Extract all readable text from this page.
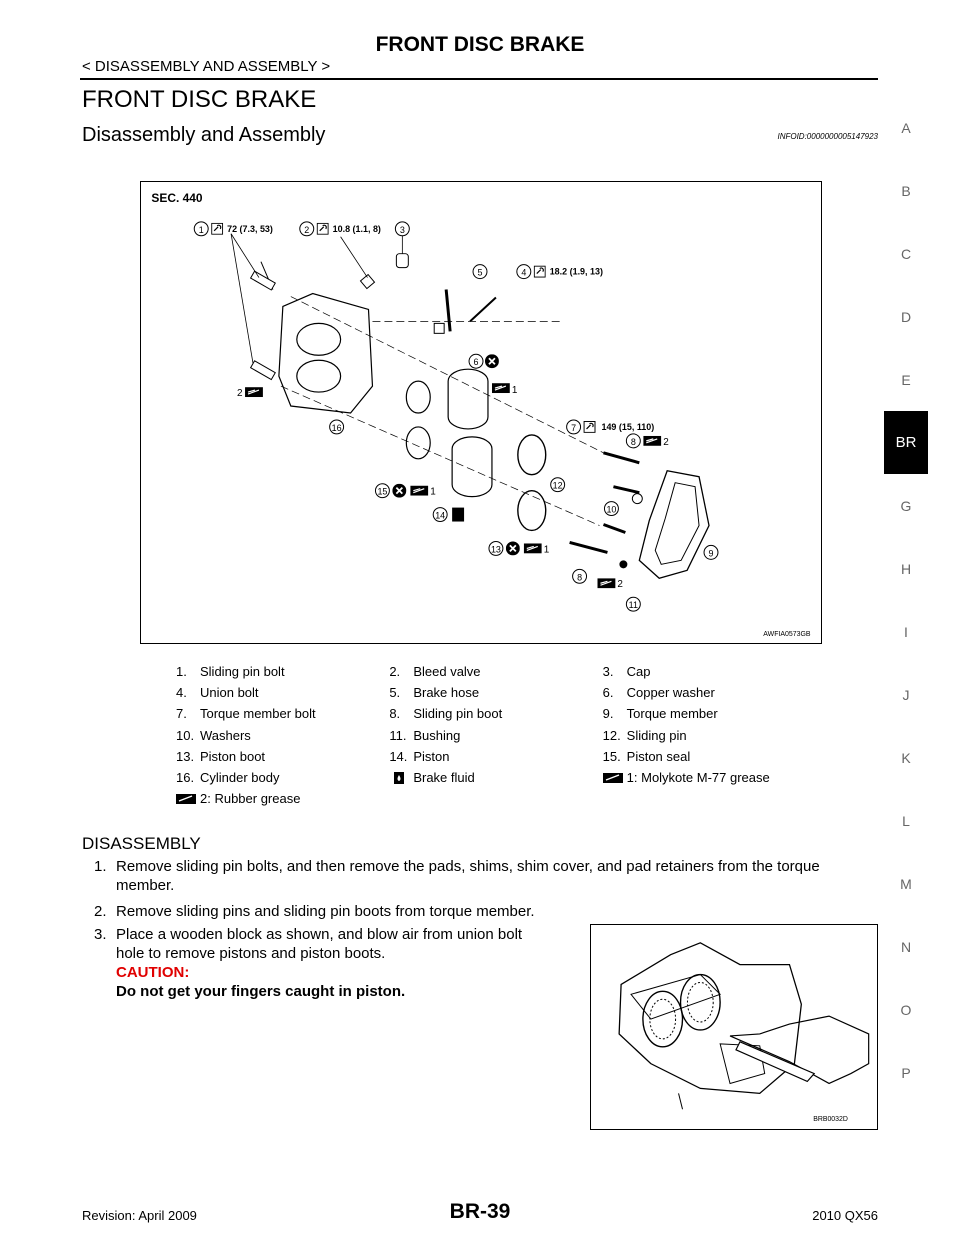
FRONT DISC BRAKE
< DISASSEMBLY AND ASSEMBLY >
FRONT DISC BRAKE
Disassembly and Assembly	INFOID:0000000005147923
A
B
C
D
E
BR
G
H
I
J
K
L
M
N
O
P
SEC. 440
1	72 (7.3, 53)	2	10.8 (1.1, 8) 3
5	4	18.2 (1.9, 13)
6
2
16
1
15	1
14
13	1
7	149 (15, 110)
8	2
12
10
9
8
2
11
AWFIA0573GB
1.	Sliding pin bolt	2.	Bleed valve	3.	Cap
4.	Union bolt	5.	Brake hose	6.	Copper washer
7.	Torque member bolt	8.	Sliding pin boot	9.	Torque member
10. Washers	11. Bushing	12. Sliding pin
13. Piston boot	14. Piston	15. Piston seal
16. Cylinder body	Brake fluid	1: Molykote M-77 grease
2: Rubber grease
DISASSEMBLY
1. Remove sliding pin bolts, and then remove the pads, shims, shim cover, and pad retainers from the torque
member.
2. Remove sliding pins and sliding pin boots from torque member.
3. Place a wooden block as shown, and blow air from union bolt
hole to remove pistons and piston boots.
CAUTION:
Do not get your fingers caught in piston.
BRB0032D
Revision: April 2009	BR-39	2010 QX56
